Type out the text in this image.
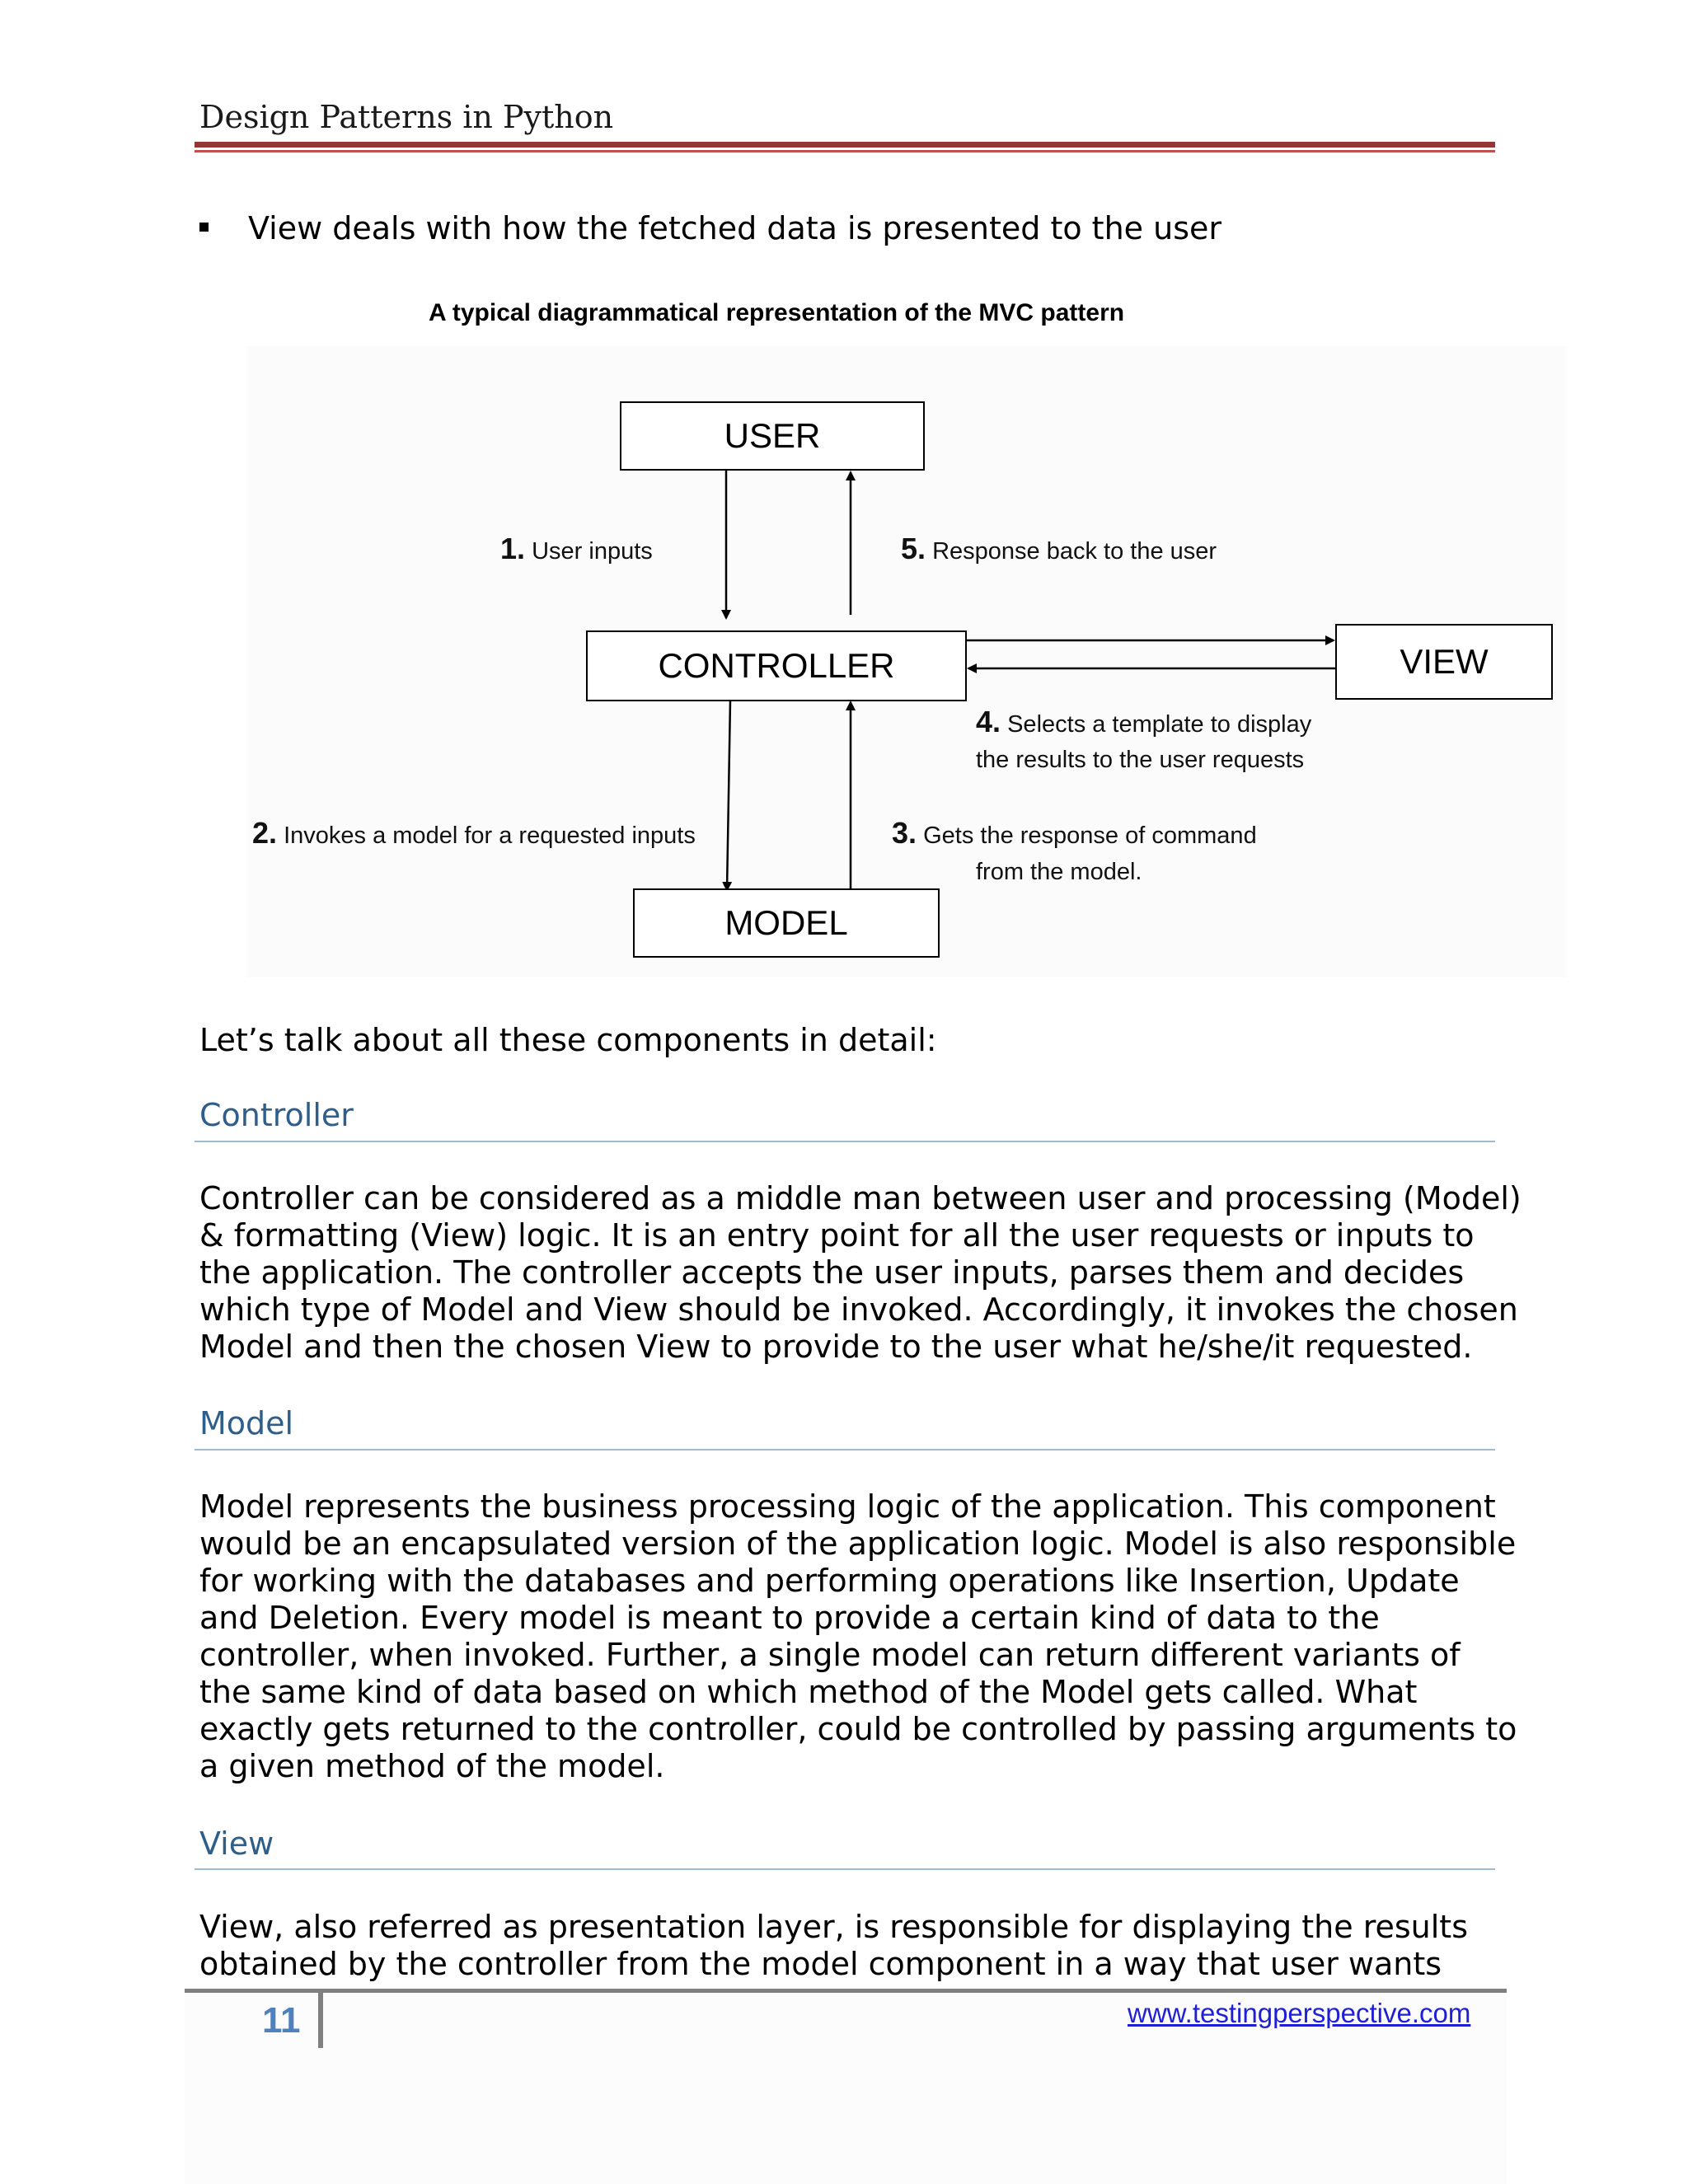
Design Patterns in Python
View deals with how the fetched data is presented to the user
A typical diagrammatical representation of the MVC pattern
USER
CONTROLLER	VIEW
MODEL
1. User inputs	5. Response back to the user
4. Selects a template to display
the results to the user requests
2. Invokes a model for a requested inputs	3. Gets the response of command
from the model.
Let’s talk about all these components in detail:
Controller
Controller can be considered as a middle man between user and processing (Model)
& formatting (View) logic. It is an entry point for all the user requests or inputs to
the application. The controller accepts the user inputs, parses them and decides
which type of Model and View should be invoked. Accordingly, it invokes the chosen
Model and then the chosen View to provide to the user what he/she/it requested.
Model
Model represents the business processing logic of the application. This component
would be an encapsulated version of the application logic. Model is also responsible
for working with the databases and performing operations like Insertion, Update
and Deletion. Every model is meant to provide a certain kind of data to the
controller, when invoked. Further, a single model can return different variants of
the same kind of data based on which method of the Model gets called. What
exactly gets returned to the controller, could be controlled by passing arguments to
a given method of the model.
View
View, also referred as presentation layer, is responsible for displaying the results
obtained by the controller from the model component in a way that user wants
11	www.testingperspective.com
